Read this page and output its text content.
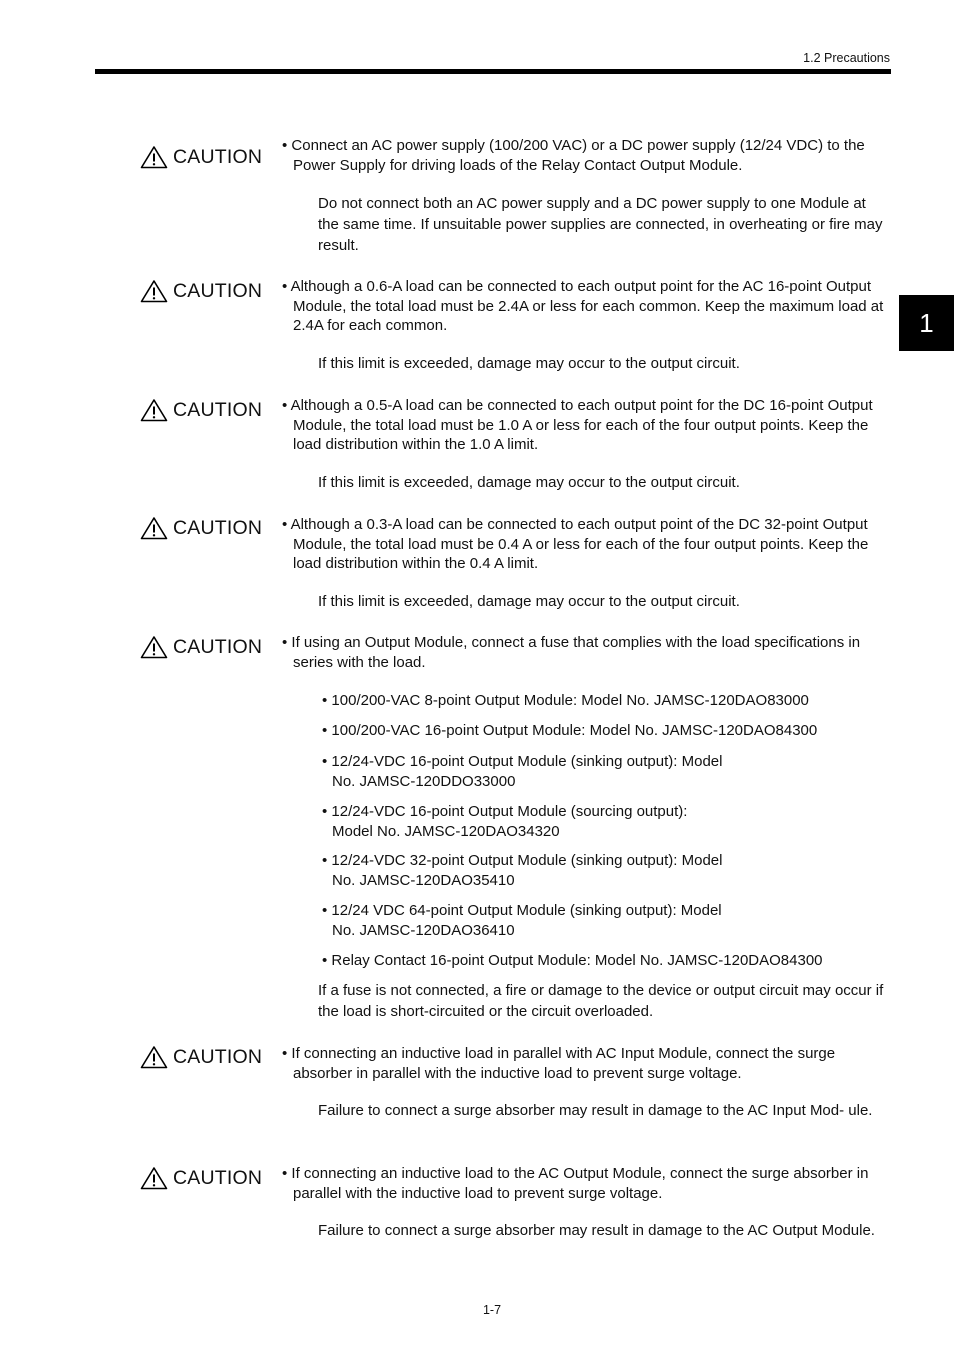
1.2 Precautions
1
CAUTION
CAUTION
CAUTION
CAUTION
CAUTION
CAUTION
CAUTION
• Connect an AC power supply (100/200 VAC) or a DC power supply (12/24 VDC) to the Power Supply for driving loads of the Relay Contact Output Module.
Do not connect both an AC power supply and a DC power supply to one Module at the same time. If unsuitable power supplies are connected, in overheating or fire may result.
• Although a 0.6-A load can be connected to each output point for the AC 16-point Output Module, the total load must be 2.4A or less for each common. Keep the maximum load at 2.4A for each common.
If this limit is exceeded, damage may occur to the output circuit.
• Although a 0.5-A load can be connected to each output point for the DC 16-point Output Module, the total load must be 1.0 A or less for each of the four output points. Keep the load distribution within the 1.0 A limit.
If this limit is exceeded, damage may occur to the output circuit.
• Although a 0.3-A load can be connected to each output point of the DC 32-point Output Module, the total load must be 0.4 A or less for each of the four output points. Keep the load distribution within the 0.4 A limit.
If this limit is exceeded, damage may occur to the output circuit.
• If using an Output Module, connect a fuse that complies with the load specifications in series with the load.
• 100/200-VAC 8-point Output Module: Model No. JAMSC-120DAO83000
• 100/200-VAC 16-point Output Module: Model No. JAMSC-120DAO84300
• 12/24-VDC 16-point Output Module (sinking output): Model No. JAMSC-120DDO33000
• 12/24-VDC 16-point Output Module (sourcing output): Model No. JAMSC-120DAO34320
• 12/24-VDC 32-point Output Module (sinking output): Model No. JAMSC-120DAO35410
• 12/24 VDC 64-point Output Module (sinking output): Model No. JAMSC-120DAO36410
• Relay Contact 16-point Output Module: Model No. JAMSC-120DAO84300
If a fuse is not connected, a fire or damage to the device or output circuit may occur if the load is short-circuited or the circuit overloaded.
• If connecting an inductive load in parallel with AC Input Module, connect the surge absorber in parallel with the inductive load to prevent surge voltage.
Failure to connect a surge absorber may result in damage to the AC Input Mod- ule.
• If connecting an inductive load to the AC Output Module, connect the surge absorber in parallel with the inductive load to prevent surge voltage.
Failure to connect a surge absorber may result in damage to the AC Output Module.
1-7
